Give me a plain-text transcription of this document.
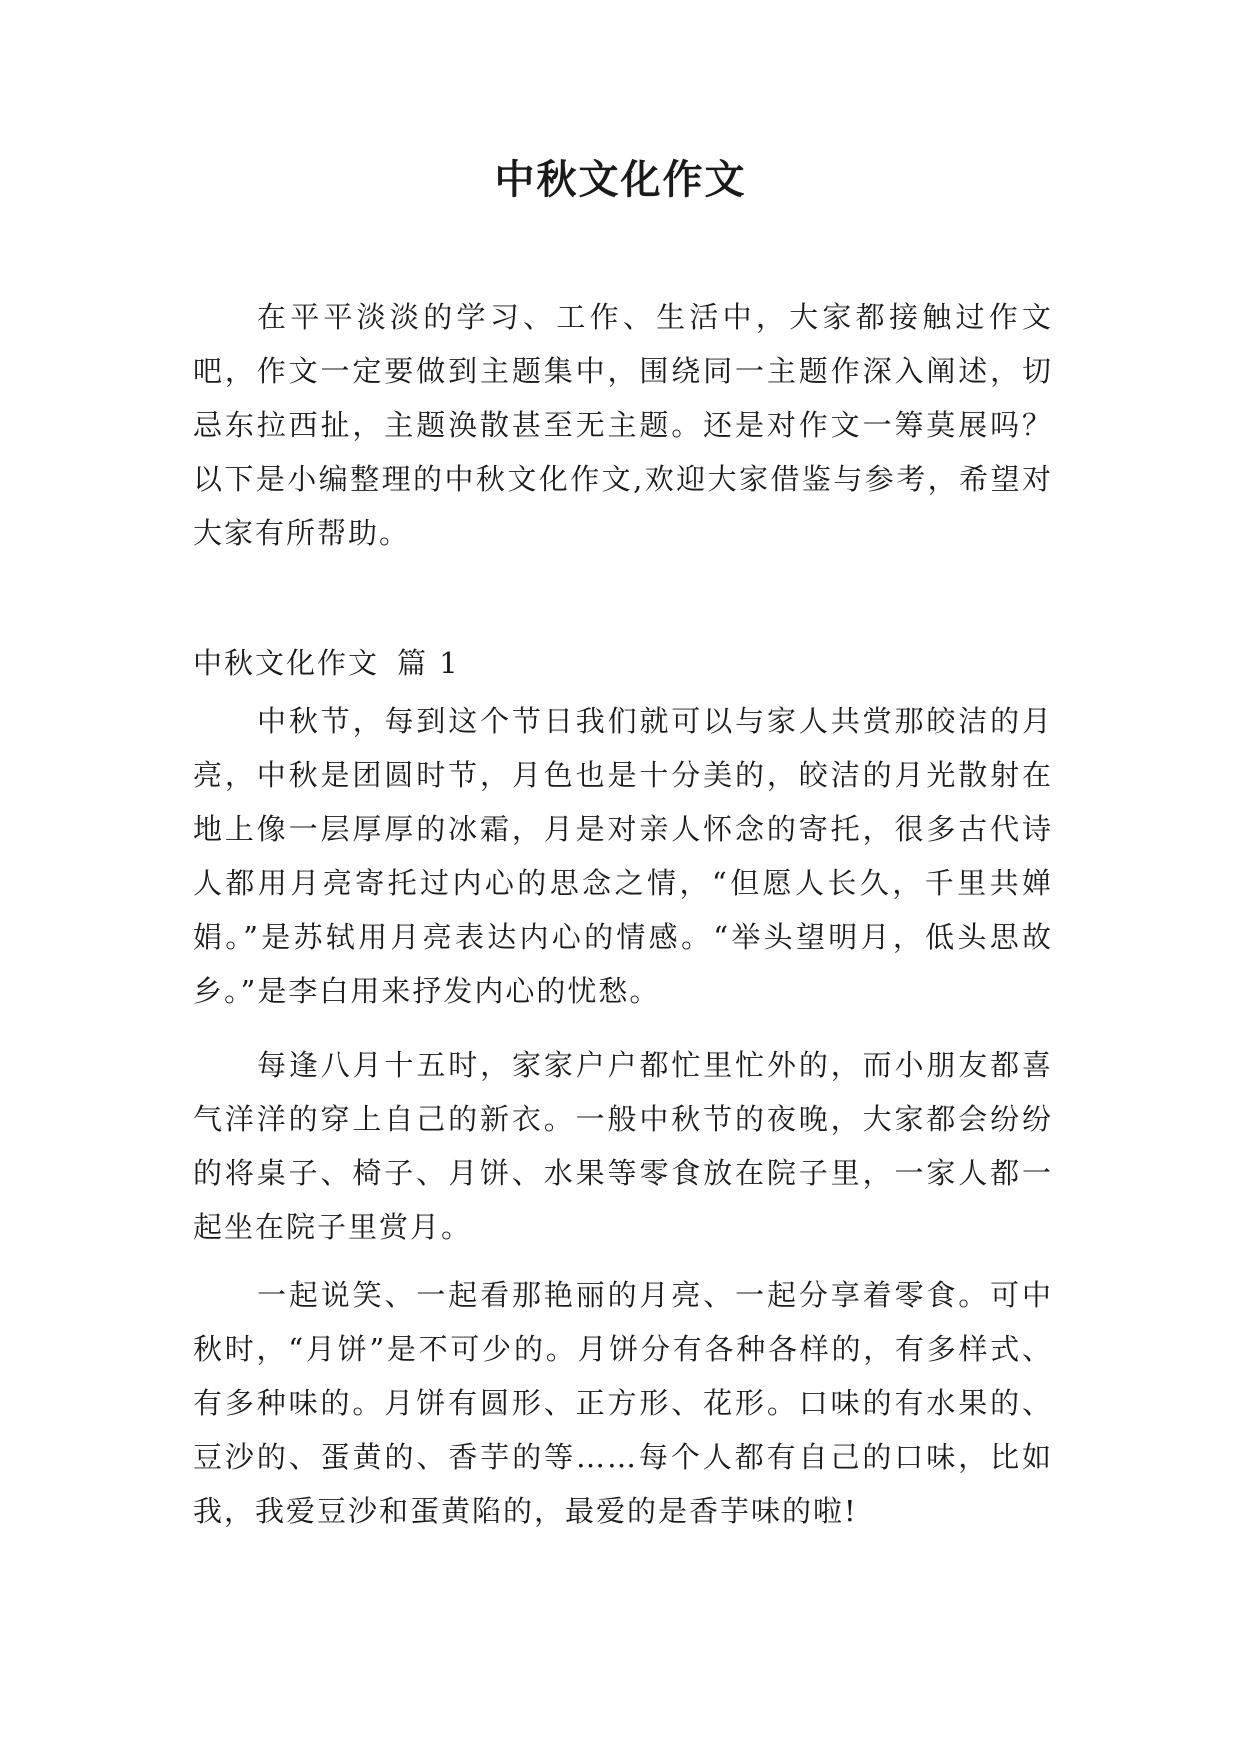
中秋文化作文

在平平淡淡的学习、工作、生活中，大家都接触过作文吧，作文一定要做到主题集中，围绕同一主题作深入阐述，切忌东拉西扯，主题涣散甚至无主题。还是对作文一筹莫展吗？以下是小编整理的中秋文化作文,欢迎大家借鉴与参考，希望对大家有所帮助。

中秋文化作文 篇 1

中秋节，每到这个节日我们就可以与家人共赏那皎洁的月亮，中秋是团圆时节，月色也是十分美的，皎洁的月光散射在地上像一层厚厚的冰霜，月是对亲人怀念的寄托，很多古代诗人都用月亮寄托过内心的思念之情，“但愿人长久，千里共婵娟。”是苏轼用月亮表达内心的情感。“举头望明月，低头思故乡。”是李白用来抒发内心的忧愁。

每逢八月十五时，家家户户都忙里忙外的，而小朋友都喜气洋洋的穿上自己的新衣。一般中秋节的夜晚，大家都会纷纷的将桌子、椅子、月饼、水果等零食放在院子里，一家人都一起坐在院子里赏月。

一起说笑、一起看那艳丽的月亮、一起分享着零食。可中秋时，“月饼”是不可少的。月饼分有各种各样的，有多样式、有多种味的。月饼有圆形、正方形、花形。口味的有水果的、豆沙的、蛋黄的、香芋的等……每个人都有自己的口味，比如我，我爱豆沙和蛋黄陷的，最爱的是香芋味的啦!
